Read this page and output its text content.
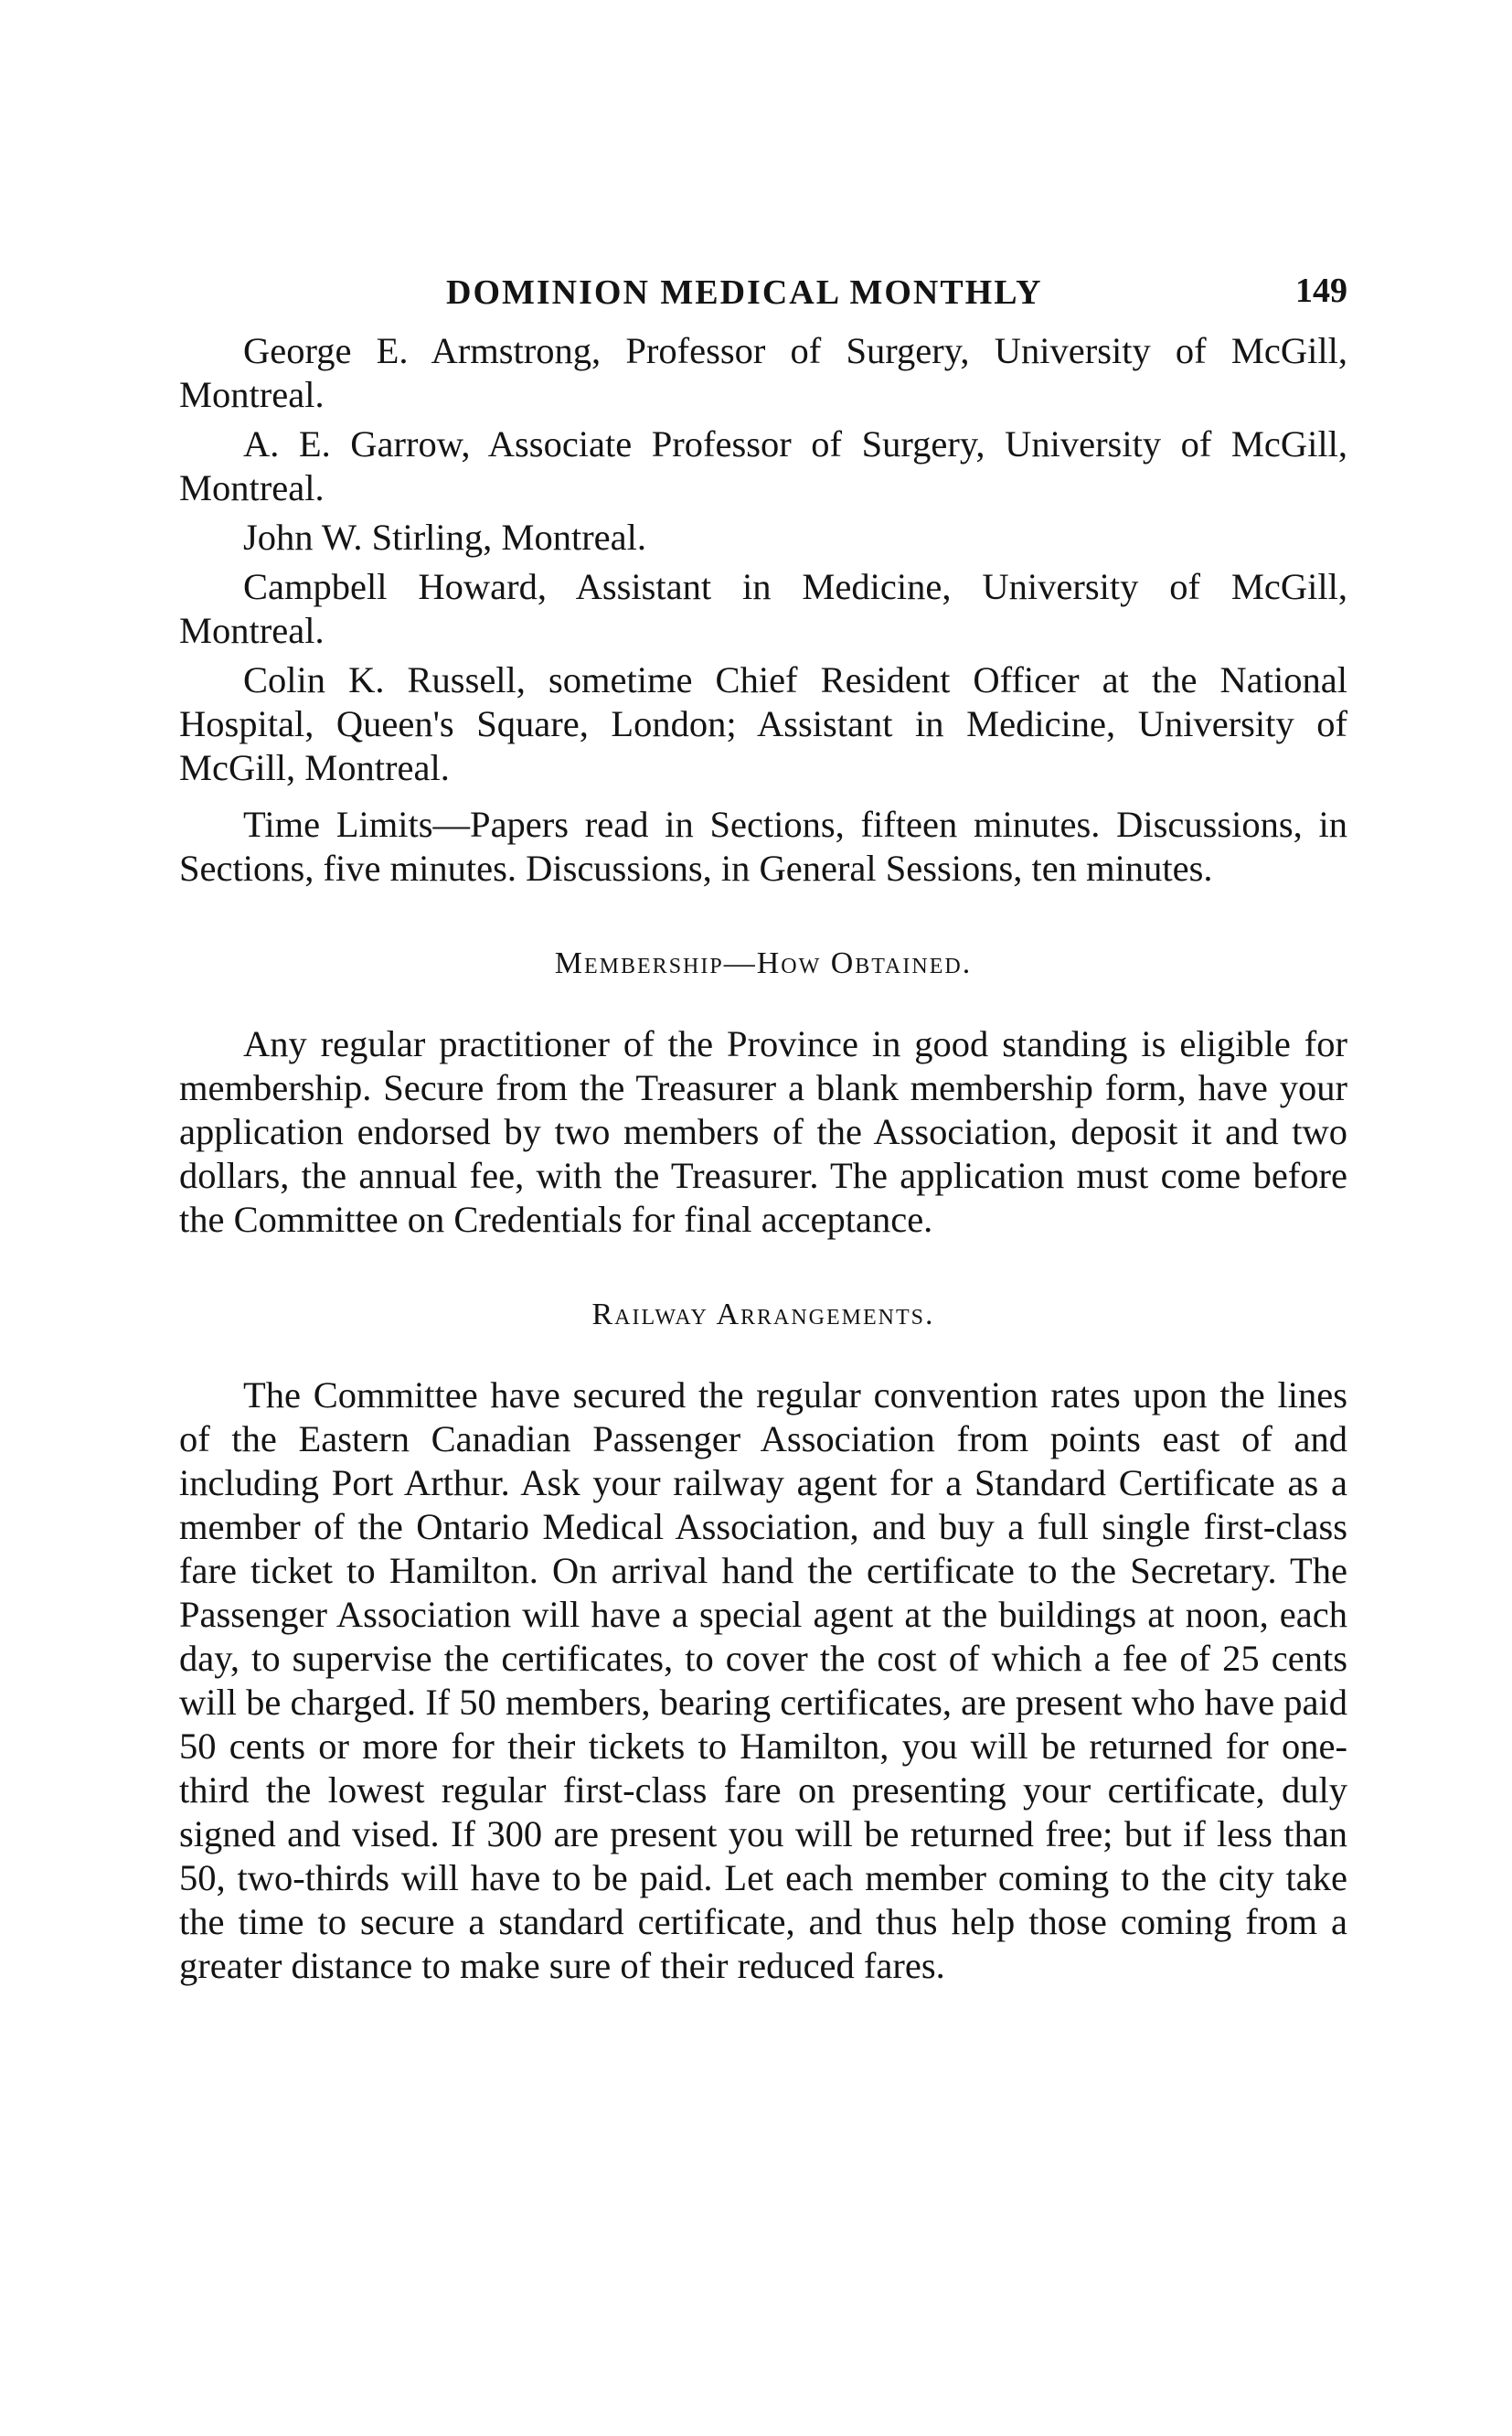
DOMINION MEDICAL MONTHLY	149

George E. Armstrong, Professor of Surgery, University of McGill, Montreal.

A. E. Garrow, Associate Professor of Surgery, University of McGill, Montreal.

John W. Stirling, Montreal.

Campbell Howard, Assistant in Medicine, University of McGill, Montreal.

Colin K. Russell, sometime Chief Resident Officer at the National Hospital, Queen's Square, London; Assistant in Medicine, University of McGill, Montreal.

Time Limits—Papers read in Sections, fifteen minutes. Discussions, in Sections, five minutes. Discussions, in General Sessions, ten minutes.

Membership—How Obtained.

Any regular practitioner of the Province in good standing is eligible for membership. Secure from the Treasurer a blank membership form, have your application endorsed by two members of the Association, deposit it and two dollars, the annual fee, with the Treasurer. The application must come before the Committee on Credentials for final acceptance.

Railway Arrangements.

The Committee have secured the regular convention rates upon the lines of the Eastern Canadian Passenger Association from points east of and including Port Arthur. Ask your railway agent for a Standard Certificate as a member of the Ontario Medical Association, and buy a full single first-class fare ticket to Hamilton. On arrival hand the certificate to the Secretary. The Passenger Association will have a special agent at the buildings at noon, each day, to supervise the certificates, to cover the cost of which a fee of 25 cents will be charged. If 50 members, bearing certificates, are present who have paid 50 cents or more for their tickets to Hamilton, you will be returned for one-third the lowest regular first-class fare on presenting your certificate, duly signed and vised. If 300 are present you will be returned free; but if less than 50, two-thirds will have to be paid. Let each member coming to the city take the time to secure a standard certificate, and thus help those coming from a greater distance to make sure of their reduced fares.
